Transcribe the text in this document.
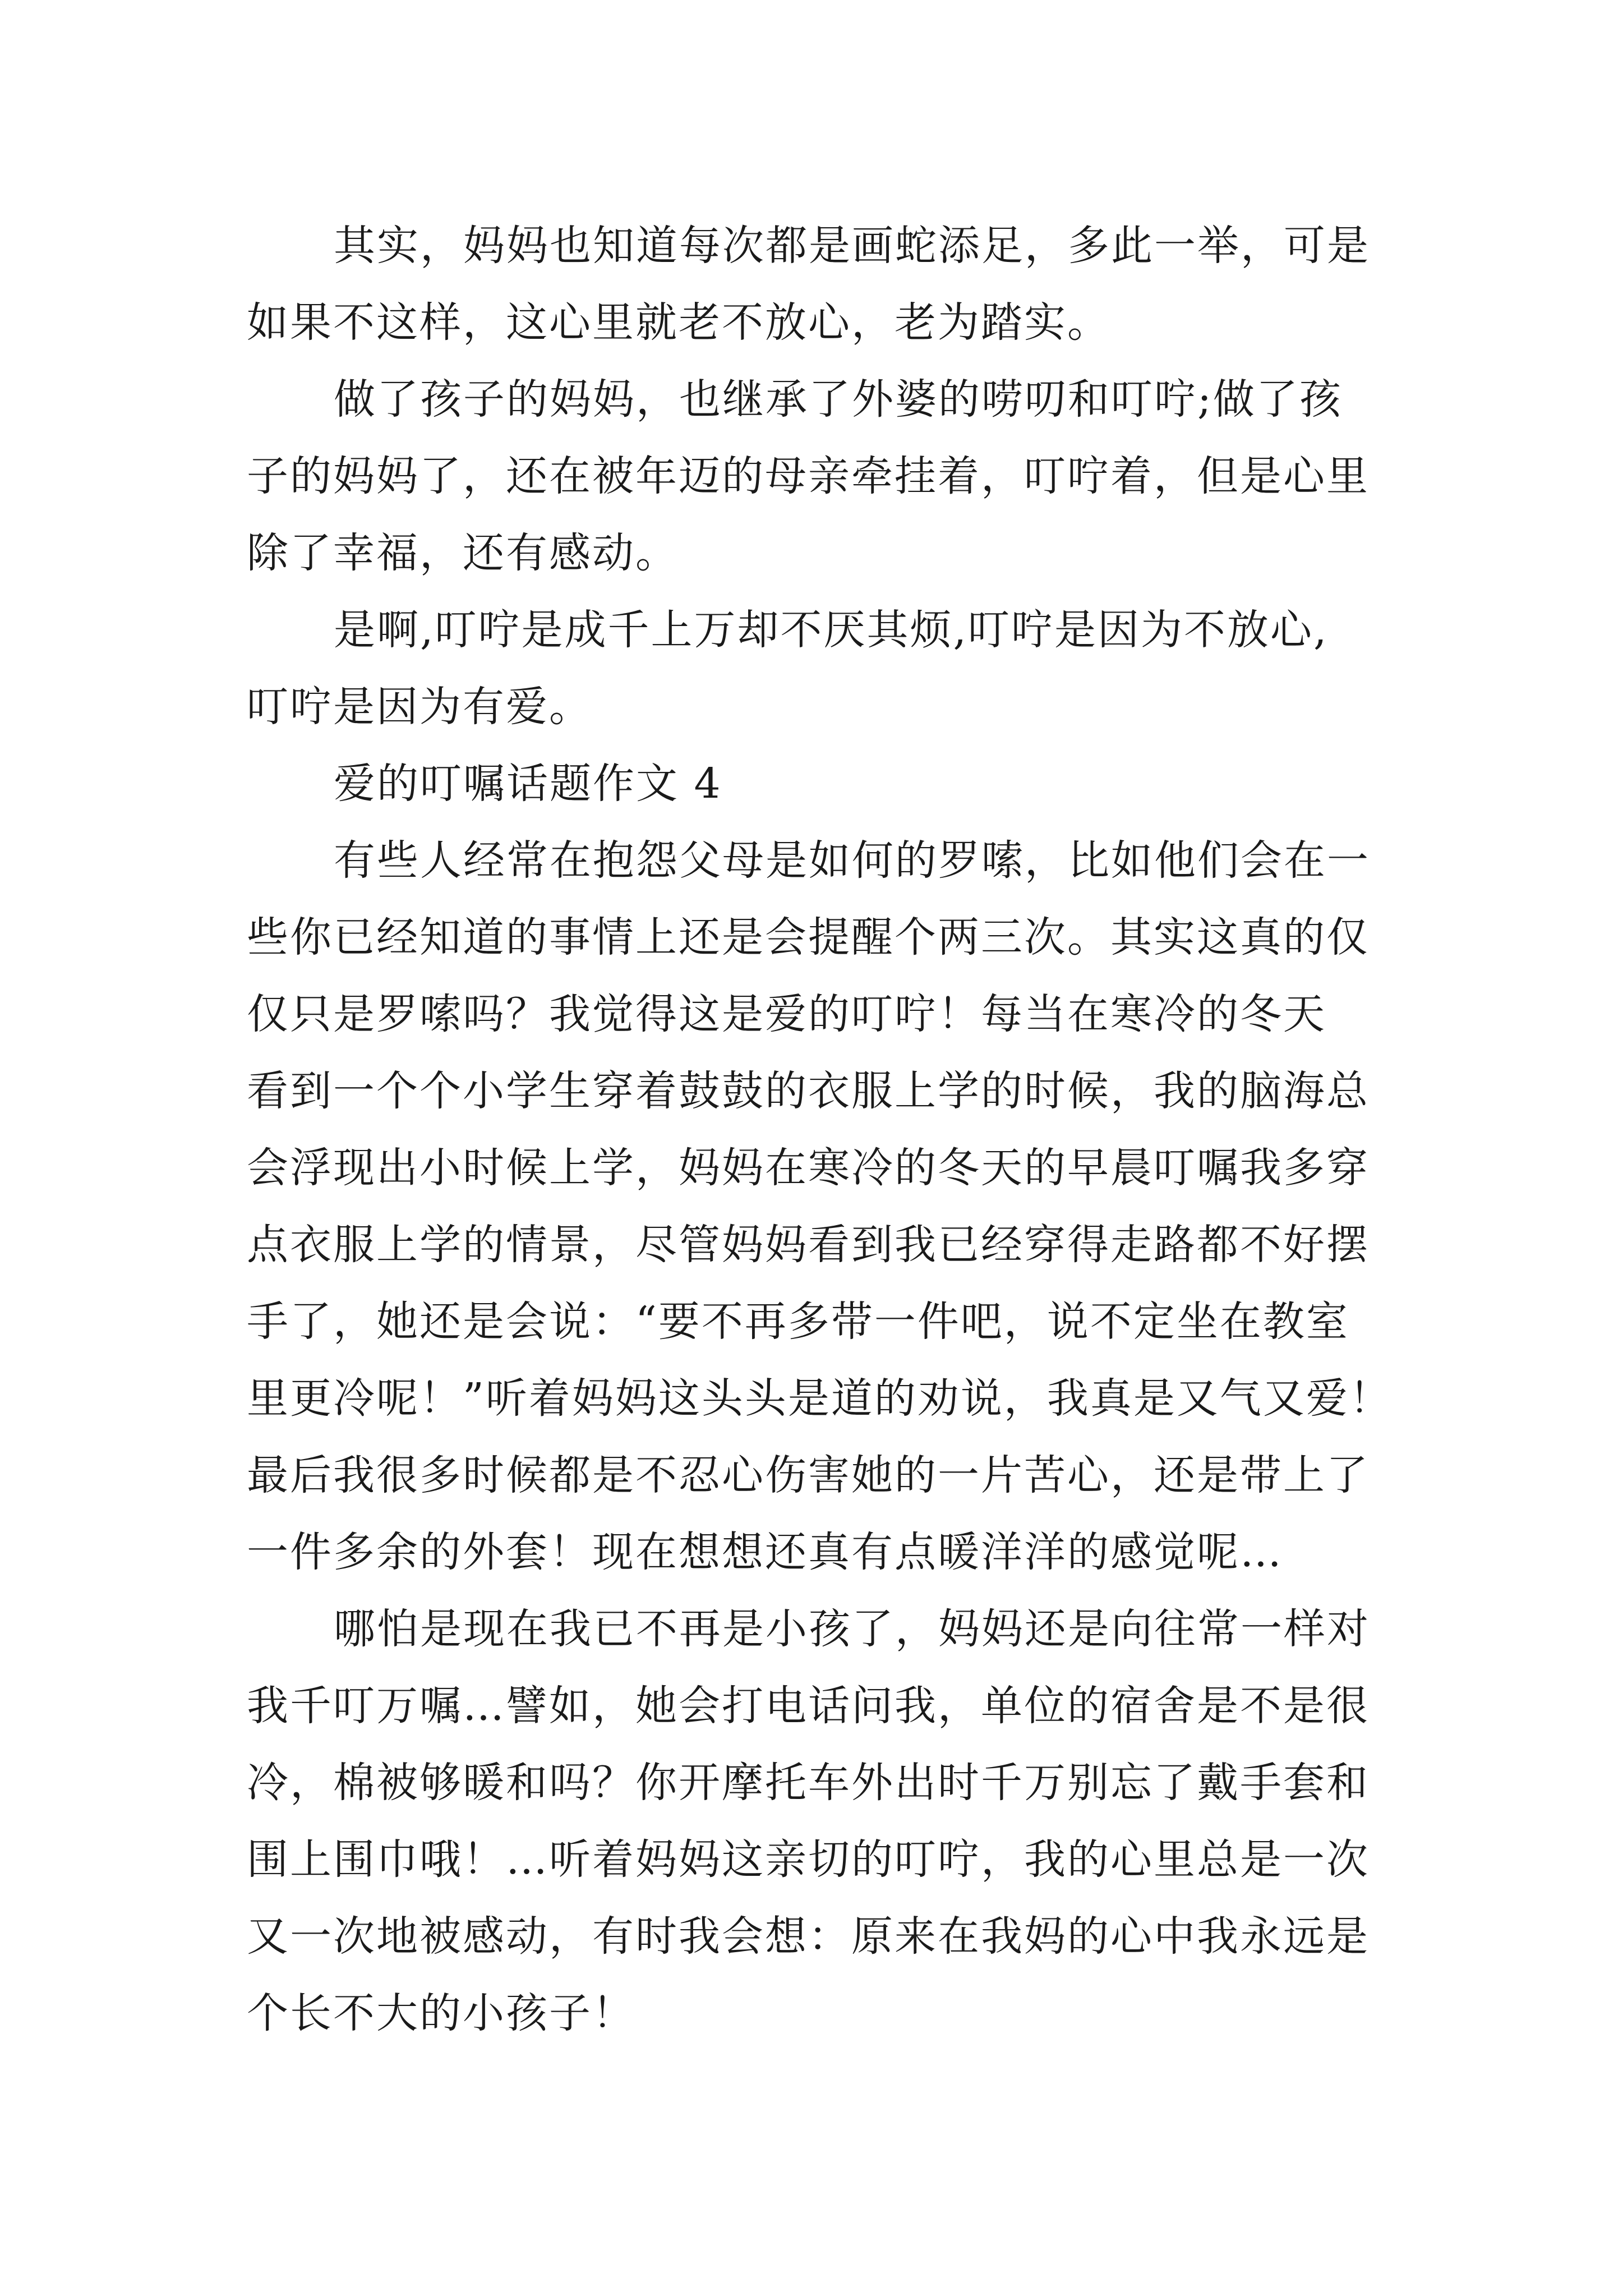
其实，妈妈也知道每次都是画蛇添足，多此一举，可是
如果不这样，这心里就老不放心，老为踏实。
做了孩子的妈妈，也继承了外婆的唠叨和叮咛;做了孩
子的妈妈了，还在被年迈的母亲牵挂着，叮咛着，但是心里
除了幸福，还有感动。
是啊,叮咛是成千上万却不厌其烦,叮咛是因为不放心,
叮咛是因为有爱。
爱的叮嘱话题作文 4
有些人经常在抱怨父母是如何的罗嗦，比如他们会在一
些你已经知道的事情上还是会提醒个两三次。其实这真的仅
仅只是罗嗦吗？我觉得这是爱的叮咛！每当在寒冷的冬天
看到一个个小学生穿着鼓鼓的衣服上学的时候，我的脑海总
会浮现出小时候上学，妈妈在寒冷的冬天的早晨叮嘱我多穿
点衣服上学的情景，尽管妈妈看到我已经穿得走路都不好摆
手了，她还是会说：“要不再多带一件吧，说不定坐在教室
里更冷呢！”听着妈妈这头头是道的劝说，我真是又气又爱！
最后我很多时候都是不忍心伤害她的一片苦心，还是带上了
一件多余的外套！现在想想还真有点暖洋洋的感觉呢…
哪怕是现在我已不再是小孩了，妈妈还是向往常一样对
我千叮万嘱…譬如，她会打电话问我，单位的宿舍是不是很
冷，棉被够暖和吗？你开摩托车外出时千万别忘了戴手套和
围上围巾哦！…听着妈妈这亲切的叮咛，我的心里总是一次
又一次地被感动，有时我会想：原来在我妈的心中我永远是
个长不大的小孩子！
